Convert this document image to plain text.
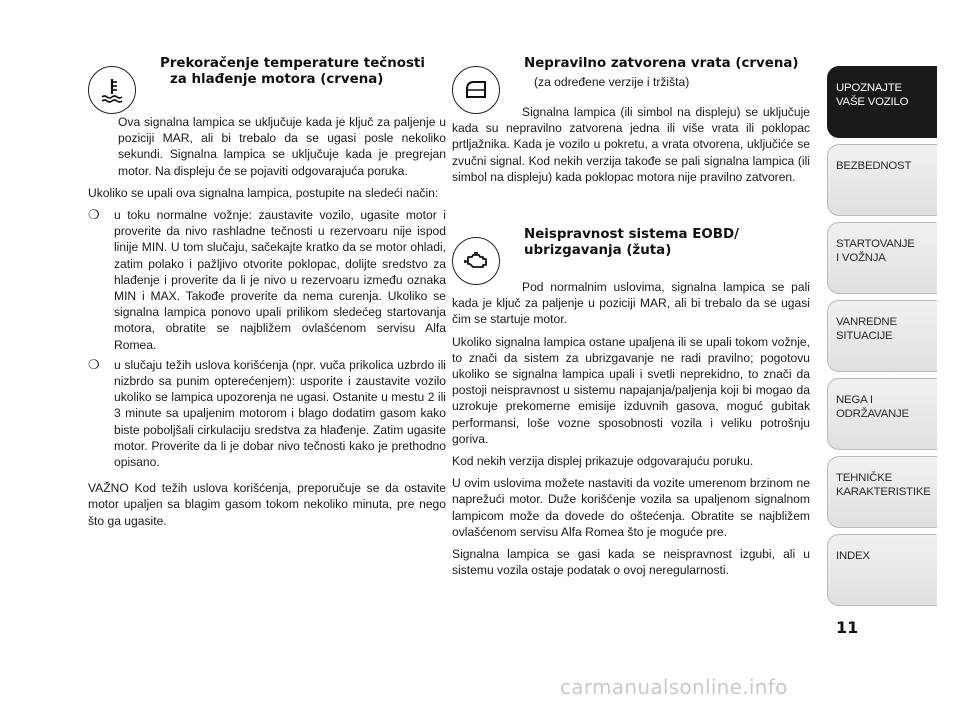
Prekoračenje temperature tečnosti
za hlađenje motora (crvena)

Ova signalna lampica se uključuje kada je ključ za paljenje u poziciji MAR, ali bi trebalo da se ugasi posle nekoliko sekundi. Signalna lampica se uključuje kada je pregrejan motor. Na displeju će se pojaviti odgovarajuća poruka.

Ukoliko se upali ova signalna lampica, postupite na sledeći način:

❍ u toku normalne vožnje: zaustavite vozilo, ugasite motor i proverite da nivo rashladne tečnosti u rezervoaru nije ispod linije MIN. U tom slučaju, sačekajte kratko da se motor ohladi, zatim polako i pažljivo otvorite poklopac, dolijte sredstvo za hlađenje i proverite da li je nivo u rezervoaru između oznaka MIN i MAX. Takođe proverite da nema curenja. Ukoliko se signalna lampica ponovo upali prilikom sledećeg startovanja motora, obratite se najbližem ovlašćenom servisu Alfa Romea.
❍ u slučaju težih uslova korišćenja (npr. vuča prikolica uzbrdo ili nizbrdo sa punim opterećenjem): usporite i zaustavite vozilo ukoliko se lampica upozorenja ne ugasi. Ostanite u mestu 2 ili 3 minute sa upaljenim motorom i blago dodatim gasom kako biste poboljšali cirkulaciju sredstva za hlađenje. Zatim ugasite motor. Proverite da li je dobar nivo tečnosti kako je prethodno opisano.

VAŽNO Kod težih uslova korišćenja, preporučuje se da ostavite motor upaljen sa blagim gasom tokom nekoliko minuta, pre nego što ga ugasite.

Nepravilno zatvorena vrata (crvena)
(za određene verzije i tržišta)

Signalna lampica (ili simbol na displeju) se uključuje kada su nepravilno zatvorena jedna ili više vrata ili poklopac prtljažnika. Kada je vozilo u pokretu, a vrata otvorena, uključiće se zvučni signal. Kod nekih verzija takođe se pali signalna lampica (ili simbol na displeju) kada poklopac motora nije pravilno zatvoren.

Neispravnost sistema EOBD/
ubrizgavanja (žuta)

Pod normalnim uslovima, signalna lampica se pali kada je ključ za paljenje u poziciji MAR, ali bi trebalo da se ugasi čim se startuje motor.

Ukoliko signalna lampica ostane upaljena ili se upali tokom vožnje, to znači da sistem za ubrizgavanje ne radi pravilno; pogotovu ukoliko se signalna lampica upali i svetli neprekidno, to znači da postoji neispravnost u sistemu napajanja/paljenja koji bi mogao da uzrokuje prekomerne emisije izduvnih gasova, moguć gubitak performansi, loše vozne sposobnosti vozila i veliku potrošnju goriva.

Kod nekih verzija displej prikazuje odgovarajuću poruku.

U ovim uslovima možete nastaviti da vozite umerenom brzinom ne naprežući motor. Duže korišćenje vozila sa upaljenom signalnom lampicom može da dovede do oštećenja. Obratite se najbližem ovlašćenom servisu Alfa Romea što je moguće pre.

Signalna lampica se gasi kada se neispravnost izgubi, ali u sistemu vozila ostaje podatak o ovoj neregularnosti.

UPOZNAJTE
VAŠE VOZILO
BEZBEDNOST
STARTOVANJE
I VOŽNJA
VANREDNE
SITUACIJE
NEGA I
ODRŽAVANJE
TEHNIČKE
KARAKTERISTIKE
INDEX
11
carmanualsonline.info
